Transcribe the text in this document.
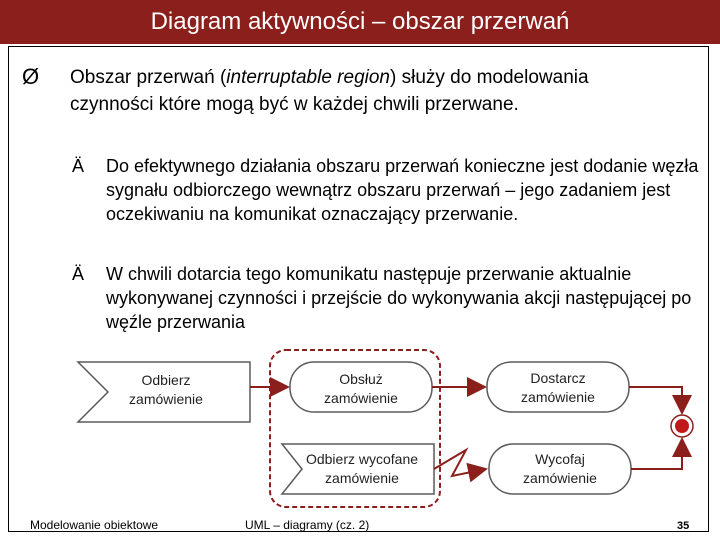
Diagram aktywności – obszar przerwań
Ø Obszar przerwań (interruptable region) służy do modelowania czynności które mogą być w każdej chwili przerwane.
Ä Do efektywnego działania obszaru przerwań konieczne jest dodanie węzła sygnału odbiorczego wewnątrz obszaru przerwań – jego zadaniem jest oczekiwaniu na komunikat oznaczający przerwanie.
Ä W chwili dotarcia tego komunikatu następuje przerwanie aktualnie wykonywanej czynności i przejście do wykonywania akcji następującej po węźle przerwania
Odbierz
zamówienie
Obsłuż
zamówienie
Dostarcz
zamówienie
Odbierz wycofane
zamówienie
Wycofaj
zamówienie
Modelowanie obiektowe	UML – diagramy (cz. 2)	35
